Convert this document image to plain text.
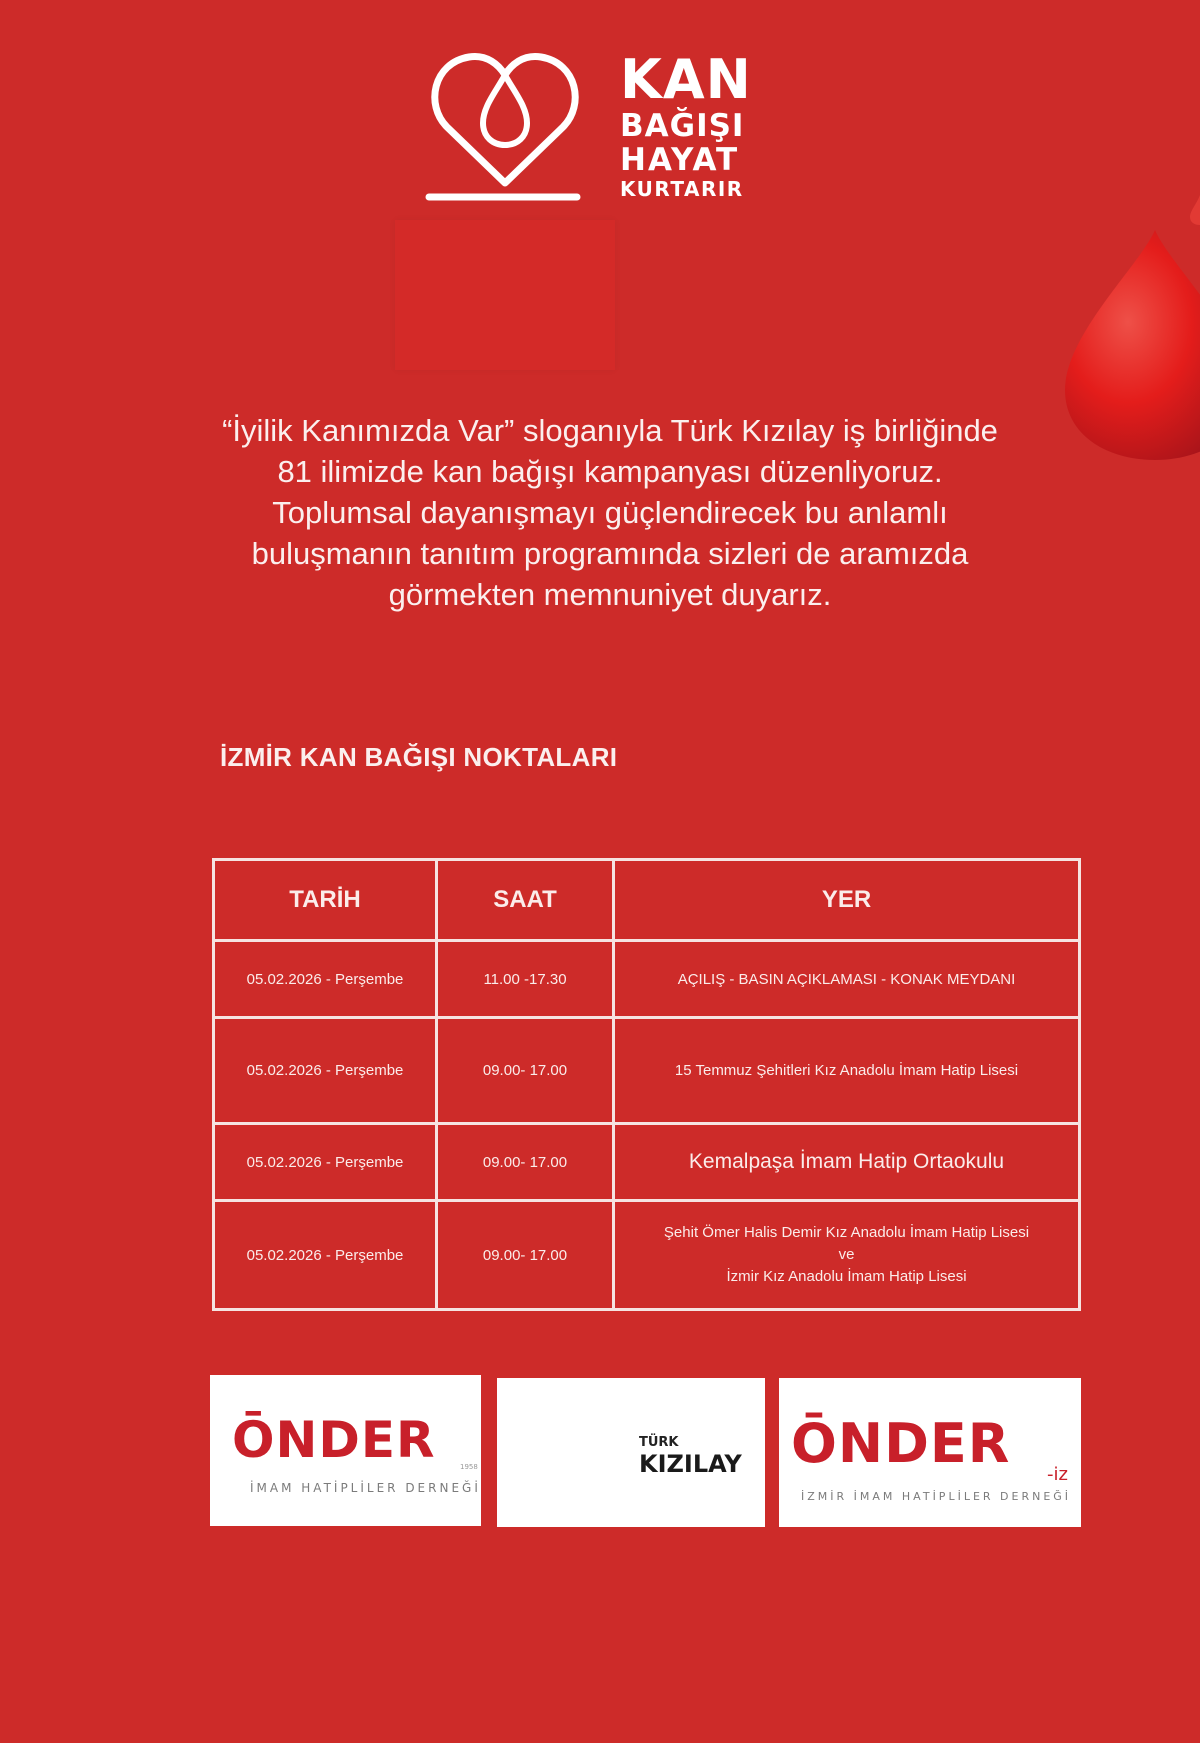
KAN
BAĞIŞI
HAYAT
KURTARIR
“İyilik Kanımızda Var” sloganıyla Türk Kızılay iş birliğinde
81 ilimizde kan bağışı kampanyası düzenliyoruz.
Toplumsal dayanışmayı güçlendirecek bu anlamlı
buluşmanın tanıtım programında sizleri de aramızda
görmekten memnuniyet duyarız.
İZMİR KAN BAĞIŞI NOKTALARI
TARİH	SAAT	YER
05.02.2026 - Perşembe	11.00 -17.30	AÇILIŞ - BASIN AÇIKLAMASI - KONAK MEYDANI
05.02.2026 - Perşembe	09.00- 17.00	15 Temmuz Şehitleri Kız Anadolu İmam Hatip Lisesi
05.02.2026 - Perşembe	09.00- 17.00	Kemalpaşa İmam Hatip Ortaokulu
05.02.2026 - Perşembe	09.00- 17.00	Şehit Ömer Halis Demir Kız Anadolu İmam Hatip Lisesi
ve
İzmir Kız Anadolu İmam Hatip Lisesi
ŌNDER	1958
İMAM HATİPLİLER DERNEĞİ
TÜRK
KIZILAY ŌNDER -iz
İZMİR İMAM HATİPLİLER DERNEĞİ
